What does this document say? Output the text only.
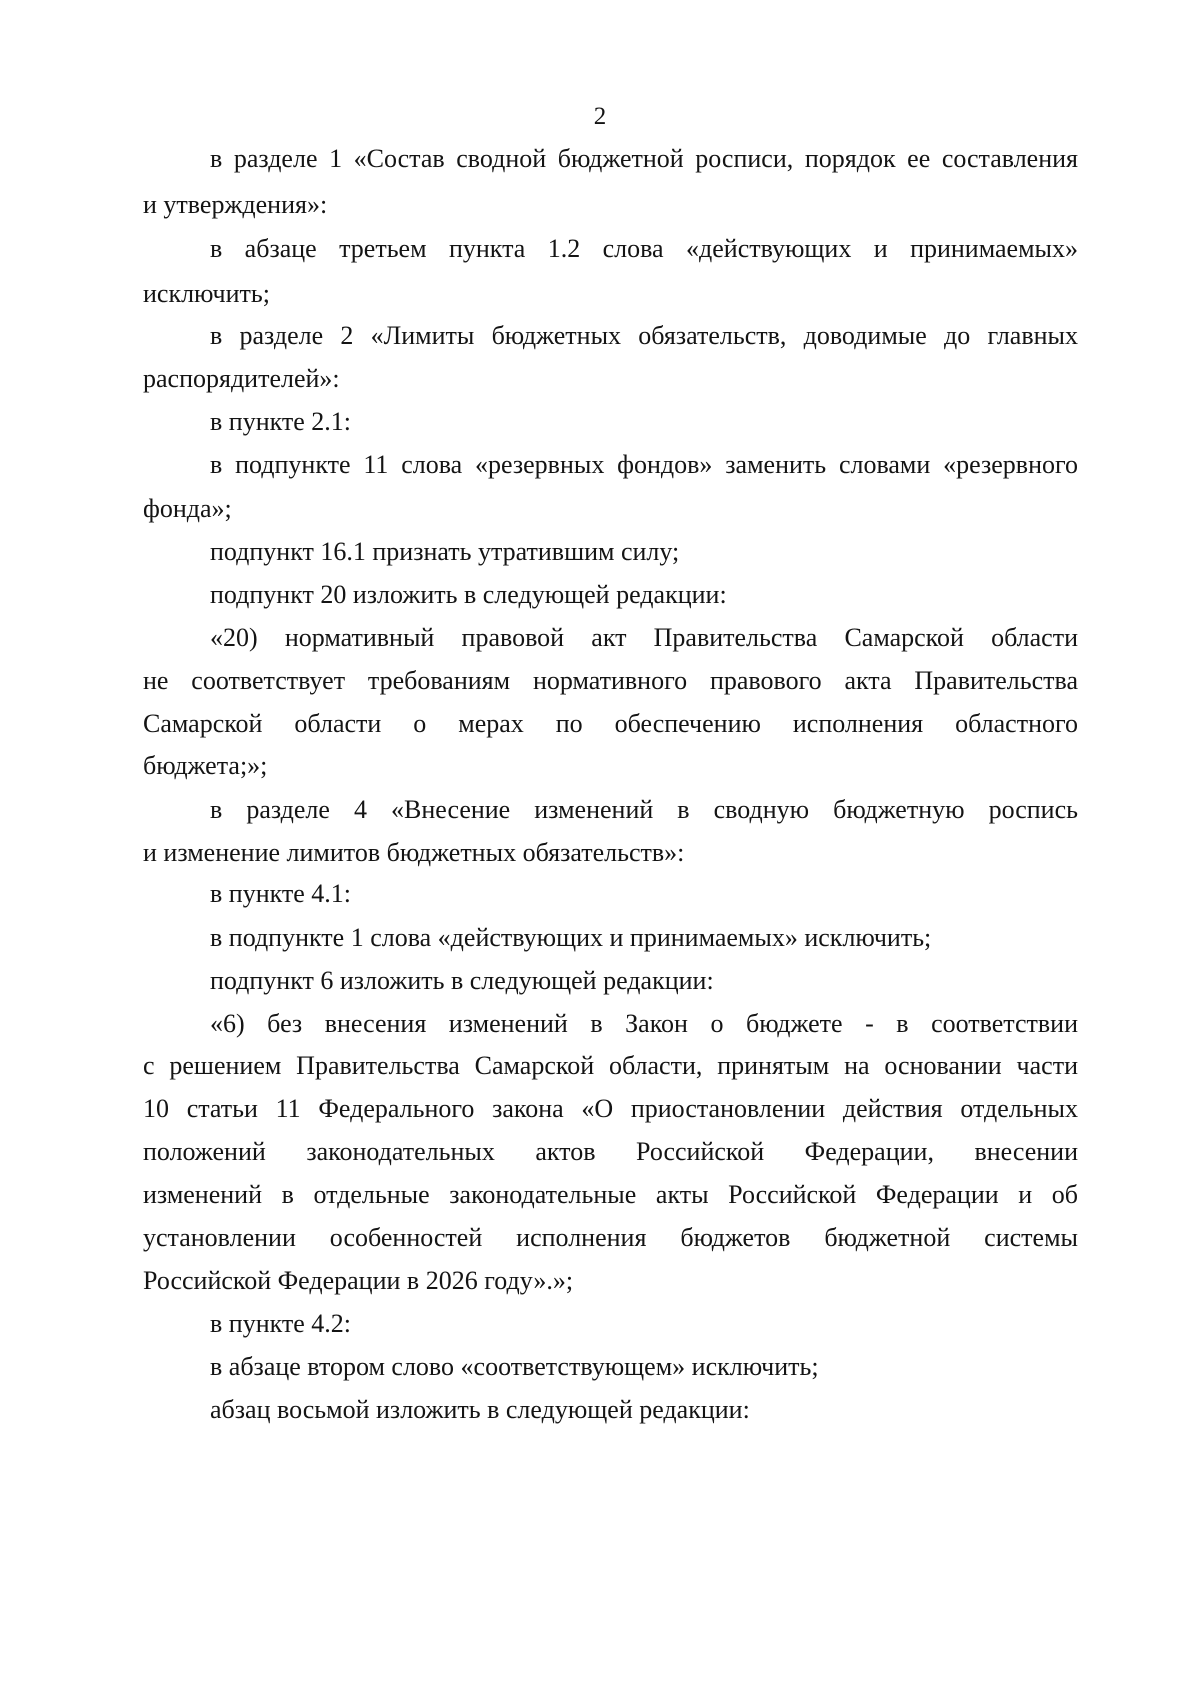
2
в разделе 1 «Состав сводной бюджетной росписи, порядок ее составления
и утверждения»:
в абзаце третьем пункта 1.2 слова «действующих и принимаемых»
исключить;
в разделе 2 «Лимиты бюджетных обязательств, доводимые до главных
распорядителей»:
в пункте 2.1:
в подпункте 11 слова «резервных фондов» заменить словами «резервного
фонда»;
подпункт 16.1 признать утратившим силу;
подпункт 20 изложить в следующей редакции:
«20) нормативный правовой акт Правительства Самарской области
не соответствует требованиям нормативного правового акта Правительства
Самарской области о мерах по обеспечению исполнения областного
бюджета;»;
в разделе 4 «Внесение изменений в сводную бюджетную роспись
и изменение лимитов бюджетных обязательств»:
в пункте 4.1:
в подпункте 1 слова «действующих и принимаемых» исключить;
подпункт 6 изложить в следующей редакции:
«6) без внесения изменений в Закон о бюджете - в соответствии
с решением Правительства Самарской области, принятым на основании части
10 статьи 11 Федерального закона «О приостановлении действия отдельных
положений законодательных актов Российской Федерации, внесении
изменений в отдельные законодательные акты Российской Федерации и об
установлении особенностей исполнения бюджетов бюджетной системы
Российской Федерации в 2026 году».»;
в пункте 4.2:
в абзаце втором слово «соответствующем» исключить;
абзац восьмой изложить в следующей редакции:
